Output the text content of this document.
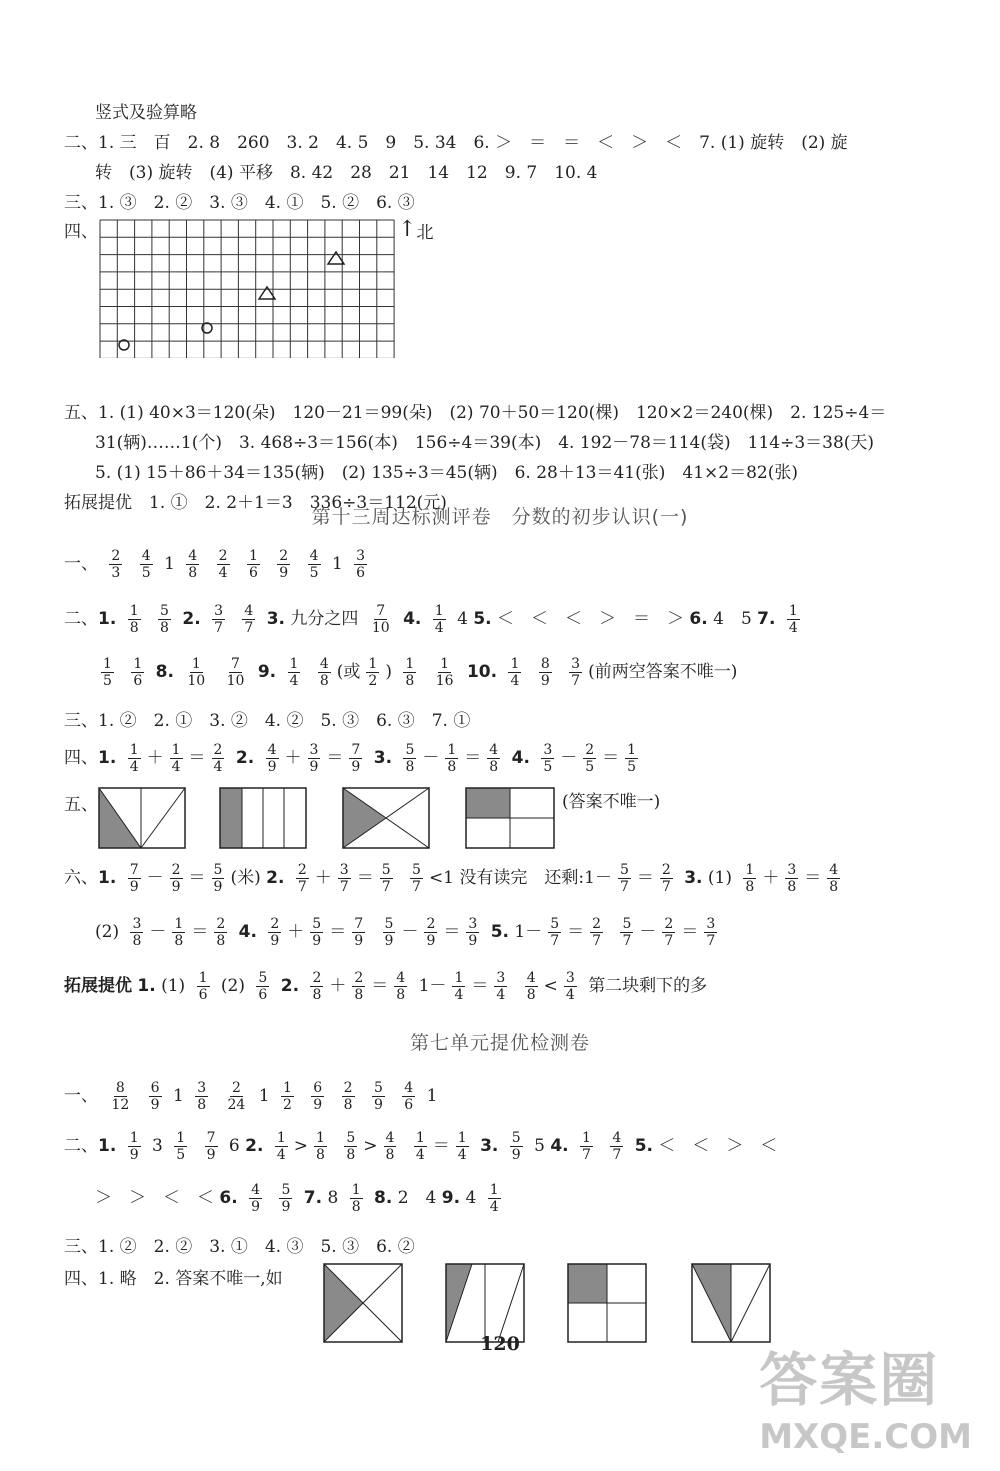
竖式及验算略
二、1. 三　百　2. 8　260　3. 2　4. 5　9　5. 34　6. ＞　＝　＝　＜　＞　＜　7. (1) 旋转　(2) 旋
转　(3) 旋转　(4) 平移　8. 42　28　21　14　12　9. 7　10. 4
三、1. ③　2. ②　3. ③　4. ①　5. ②　6. ③
四、	↑北
五、1. (1) 40×3＝120(朵)　120－21＝99(朵)　(2) 70＋50＝120(棵)　120×2＝240(棵)　2. 125÷4＝
31(辆)……1(个)　3. 468÷3＝156(本)　156÷4＝39(本)　4. 192－78＝114(袋)　114÷3＝38(天)
5. (1) 15＋86＋34＝135(辆)　(2) 135÷3＝45(辆)　6. 28＋13＝41(张)　41×2＝82(张)
拓展提优　1. ①　2. 2＋1＝3　336÷3＝112(元)
第十三周达标测评卷　分数的初步认识(一)
一、 $\frac{2}{3}$
$\frac{4}{5} 1 \frac{4}{8}$
$\frac{2}{4}$
$\frac{1}{6}$
$\frac{2}{9}$
$\frac{4}{5} 1 \frac{3}{6}$
二、1. $\frac{1}{8}$
$\frac{5}{8} 2$. $\frac{3}{7}$
$\frac{4}{7} 3$. 九分之四 $\frac{7}{10} 4$. $\frac{1}{4} 4$ 5. ＜　＜　＜　＞　＝　＞ 6. 4　5 7. $\frac{1}{4}$
$\frac{1}{5}$
$\frac{1}{6} 8$. $\frac{1}{10}$
$\frac{7}{10} 9$. $\frac{1}{4}$
$\frac{4}{8}$ (或 $\frac{1}{2}$ ) $\frac{1}{8}$
$\frac{1}{16} 10$. $\frac{1}{4}$
$\frac{8}{9}$
$\frac{3}{7}$ (前两空答案不唯一)
三、1. ②　2. ①　3. ②　4. ②　5. ③　6. ③　7. ①
四、1. $\frac{1}{4} + \frac{1}{4} = \frac{2}{4} 2$. $\frac{4}{9} + \frac{3}{9} = \frac{7}{9} 3$. $\frac{5}{8} - \frac{1}{8} = \frac{4}{8} 4$. $\frac{3}{5} - \frac{2}{5} = \frac{1}{5}$
五、	(答案不唯一)
六、1. $\frac{7}{9} - \frac{2}{9} = \frac{5}{9}$ (米) 2. $\frac{2}{7} + \frac{3}{7} = \frac{5}{7}$
$\frac{5}{7} <1$ 没有读完　还剩:1－ $\frac{5}{7} = \frac{2}{7} 3$. $(1) \frac{1}{8} + \frac{3}{8} = \frac{4}{8}$
$(2) \frac{3}{8} - \frac{1}{8} = \frac{2}{8} 4$. $\frac{2}{9} + \frac{5}{9} = \frac{7}{9}$
$\frac{5}{9} - \frac{2}{9} = \frac{3}{9} 5$. $1- \frac{5}{7} = \frac{2}{7}$
$\frac{5}{7} - \frac{2}{7} = \frac{3}{7}$
拓展提优 1. $(1) \frac{1}{6} (2) \frac{5}{6} 2$. $\frac{2}{8} + \frac{2}{8} = \frac{4}{8} 1- \frac{1}{4} = \frac{3}{4}$
$\frac{4}{8} < \frac{3}{4}$ 第二块剩下的多
第七单元提优检测卷
一、 $\frac{8}{12}$
$\frac{6}{9} 1 \frac{3}{8}$
$\frac{2}{24} 1 \frac{1}{2}$
$\frac{6}{9}$
$\frac{2}{8}$
$\frac{5}{9}$
$\frac{4}{6} 1$
二、1. $\frac{1}{9} 3 \frac{1}{5}$
$\frac{7}{9} 6$ 2. $\frac{1}{4} > \frac{1}{8}$
$\frac{5}{8} > \frac{4}{8}$
$\frac{1}{4} = \frac{1}{4} 3$. $\frac{5}{9} 5$ 4. $\frac{1}{7}$
$\frac{4}{7} 5$. ＜　＜　＞　＜
＞　＞　＜　＜ 6. $\frac{4}{9}$
$\frac{5}{9} 7$. $8 \frac{1}{8} 8$. 2　4 9. $4 \frac{1}{4}$
三、1. ②　2. ②　3. ①　4. ③　5. ③　6. ②
四、1. 略　2. 答案不唯一,如
120
答案圈
MXQE.COM
